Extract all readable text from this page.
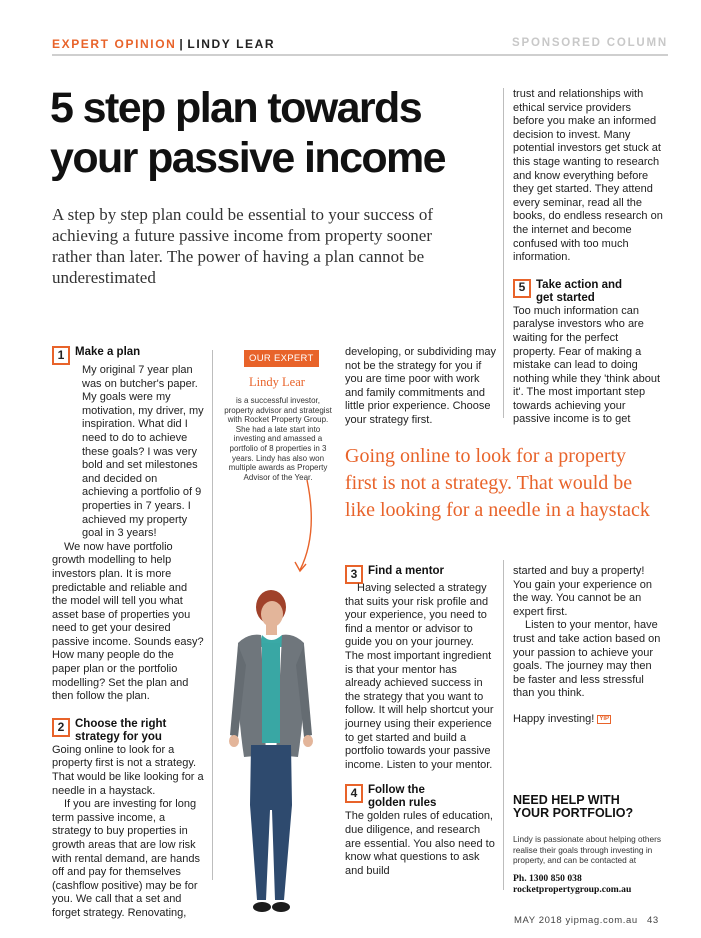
EXPERT OPINION | LINDY LEAR	SPONSORED COLUMN
5 step plan towards
your passive income

A step by step plan could be essential to your success of achieving a future passive income from property sooner rather than later. The power of having a plan cannot be underestimated

1 Make a plan

My original 7 year plan was on butcher's paper. My goals were my motivation, my driver, my inspiration. What did I need to do to achieve these goals? I was very bold and set milestones and decided on achieving a portfolio of 9 properties in 7 years. I achieved my property goal in 3 years!

We now have portfolio growth modelling to help investors plan. It is more predictable and reliable and the model will tell you what asset base of properties you need to get your desired passive income. Sounds easy? How many people do the paper plan or the portfolio modelling? Set the plan and then follow the plan.

2 Choose the right strategy for you

Going online to look for a property first is not a strategy. That would be like looking for a needle in a haystack.

If you are investing for long term passive income, a strategy to buy properties in growth areas that are low risk with rental demand, are hands off and pay for themselves (cashflow positive) may be for you. We call that a set and forget strategy. Renovating,

OUR EXPERT
Lindy Lear
is a successful investor, property advisor and strategist with Rocket Property Group. She had a late start into investing and amassed a portfolio of 8 properties in 3 years. Lindy has also won multiple awards as Property Advisor of the Year.

developing, or subdividing may not be the strategy for you if you are time poor with work and family commitments and little prior experience. Choose your strategy first.

Going online to look for a property first is not a strategy. That would be like looking for a needle in a haystack

3 Find a mentor

Having selected a strategy that suits your risk profile and your experience, you need to find a mentor or advisor to guide you on your journey. The most important ingredient is that your mentor has already achieved success in the strategy that you want to follow. It will help shortcut your journey using their experience to get started and build a portfolio towards your passive income. Listen to your mentor.

4 Follow the golden rules

The golden rules of education, due diligence, and research are essential. You also need to know what questions to ask and build

trust and relationships with ethical service providers before you make an informed decision to invest. Many potential investors get stuck at this stage wanting to research and know everything before they get started. They attend every seminar, read all the books, do endless research on the internet and become confused with too much information.

5 Take action and get started

Too much information can paralyse investors who are waiting for the perfect property. Fear of making a mistake can lead to doing nothing while they 'think about it'. The most important step towards achieving your passive income is to get

started and buy a property! You gain your experience on the way. You cannot be an expert first.

Listen to your mentor, have trust and take action based on your passion to achieve your goals. The journey may then be faster and less stressful than you think.

Happy investing! YIP

NEED HELP WITH YOUR PORTFOLIO?
Lindy is passionate about helping others realise their goals through investing in property, and can be contacted at
Ph. 1300 850 038
rocketpropertygroup.com.au
MAY 2018 yipmag.com.au 43
